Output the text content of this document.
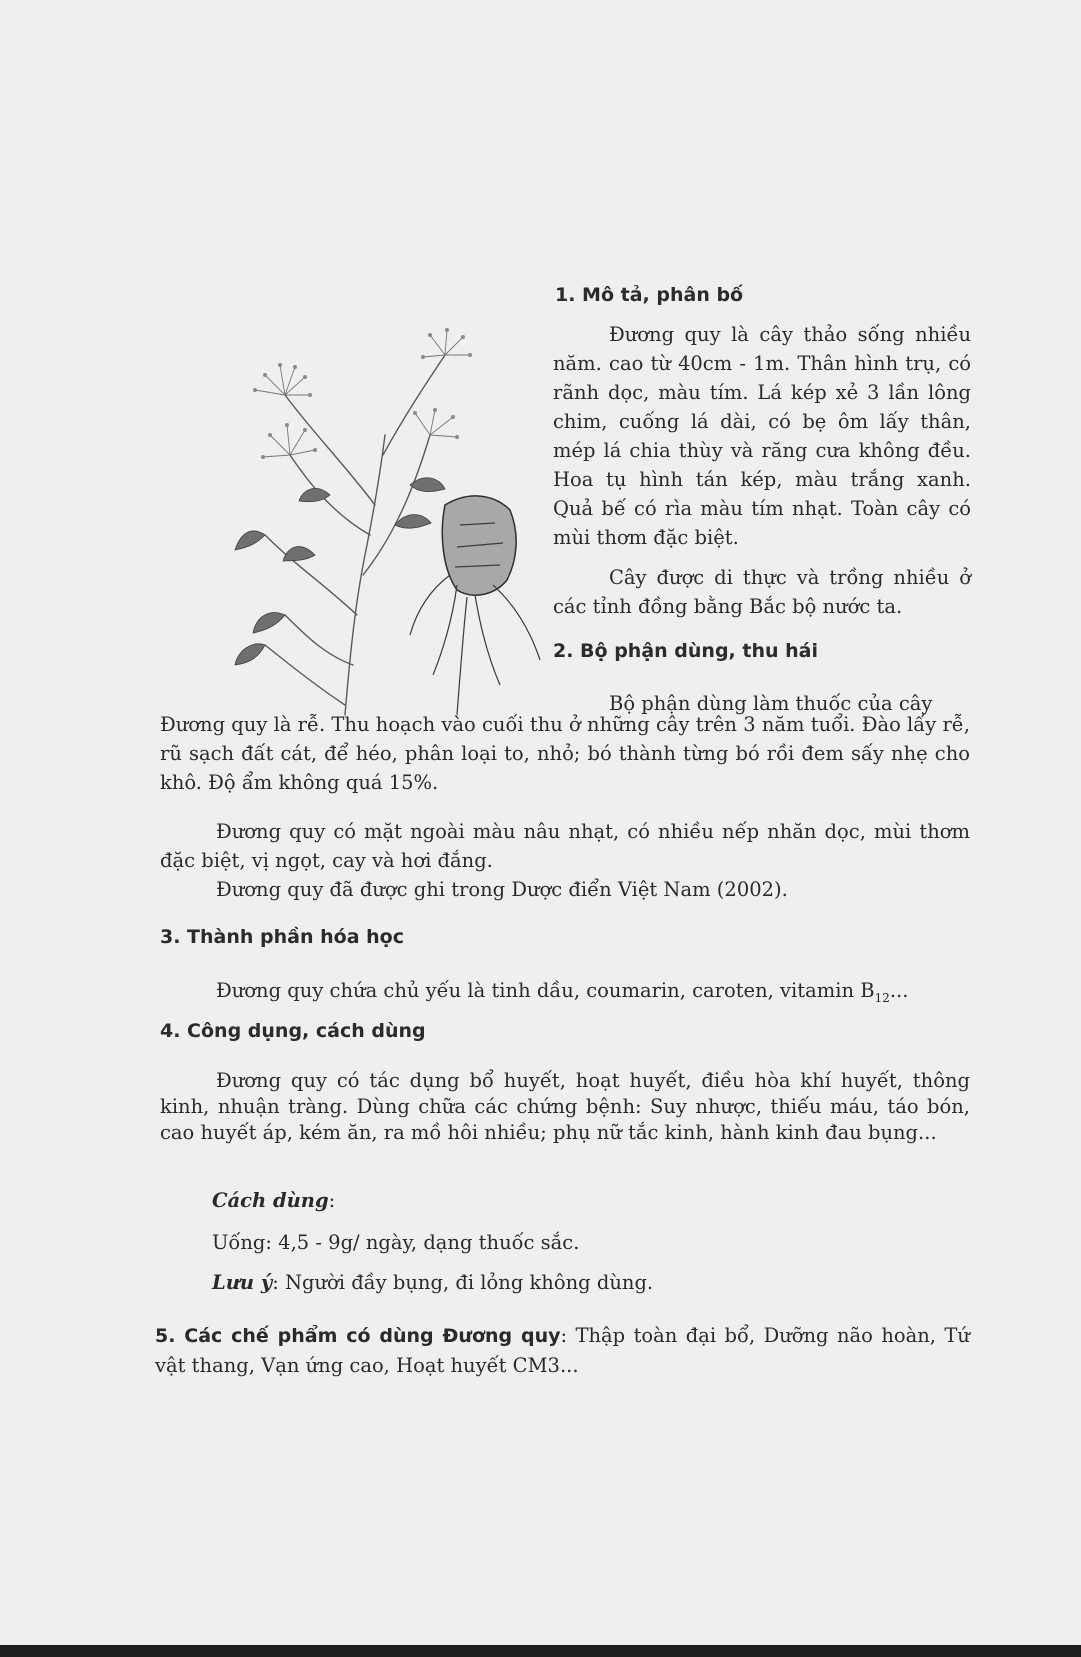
1. Mô tả, phân bố

Đương quy là cây thảo sống nhiều năm. cao từ 40cm - 1m. Thân hình trụ, có rãnh dọc, màu tím. Lá kép xẻ 3 lần lông chim, cuống lá dài, có bẹ ôm lấy thân, mép lá chia thùy và răng cưa không đều. Hoa tụ hình tán kép, màu trắng xanh. Quả bế có rìa màu tím nhạt. Toàn cây có mùi thơm đặc biệt.

Cây được di thực và trồng nhiều ở các tỉnh đồng bằng Bắc bộ nước ta.

2. Bộ phận dùng, thu hái

Bộ phận dùng làm thuốc của cây

Đương quy là rễ. Thu hoạch vào cuối thu ở những cây trên 3 năm tuổi. Đào lấy rễ, rũ sạch đất cát, để héo, phân loại to, nhỏ; bó thành từng bó rồi đem sấy nhẹ cho khô. Độ ẩm không quá 15%.

Đương quy có mặt ngoài màu nâu nhạt, có nhiều nếp nhăn dọc, mùi thơm đặc biệt, vị ngọt, cay và hơi đắng.

Đương quy đã được ghi trong Dược điển Việt Nam (2002).

3. Thành phần hóa học

Đương quy chứa chủ yếu là tinh dầu, coumarin, caroten, vitamin $B_{12}$...

4. Công dụng, cách dùng

Đương quy có tác dụng bổ huyết, hoạt huyết, điều hòa khí huyết, thông kinh, nhuận tràng. Dùng chữa các chứng bệnh: Suy nhược, thiếu máu, táo bón, cao huyết áp, kém ăn, ra mồ hôi nhiều; phụ nữ tắc kinh, hành kinh đau bụng...

Cách dùng:

Uống: 4,5 - 9g/ ngày, dạng thuốc sắc.

Lưu ý: Người đầy bụng, đi lỏng không dùng.

5. Các chế phẩm có dùng Đương quy: Thập toàn đại bổ, Dưỡng não hoàn, Tứ vật thang, Vạn ứng cao, Hoạt huyết CM3...
